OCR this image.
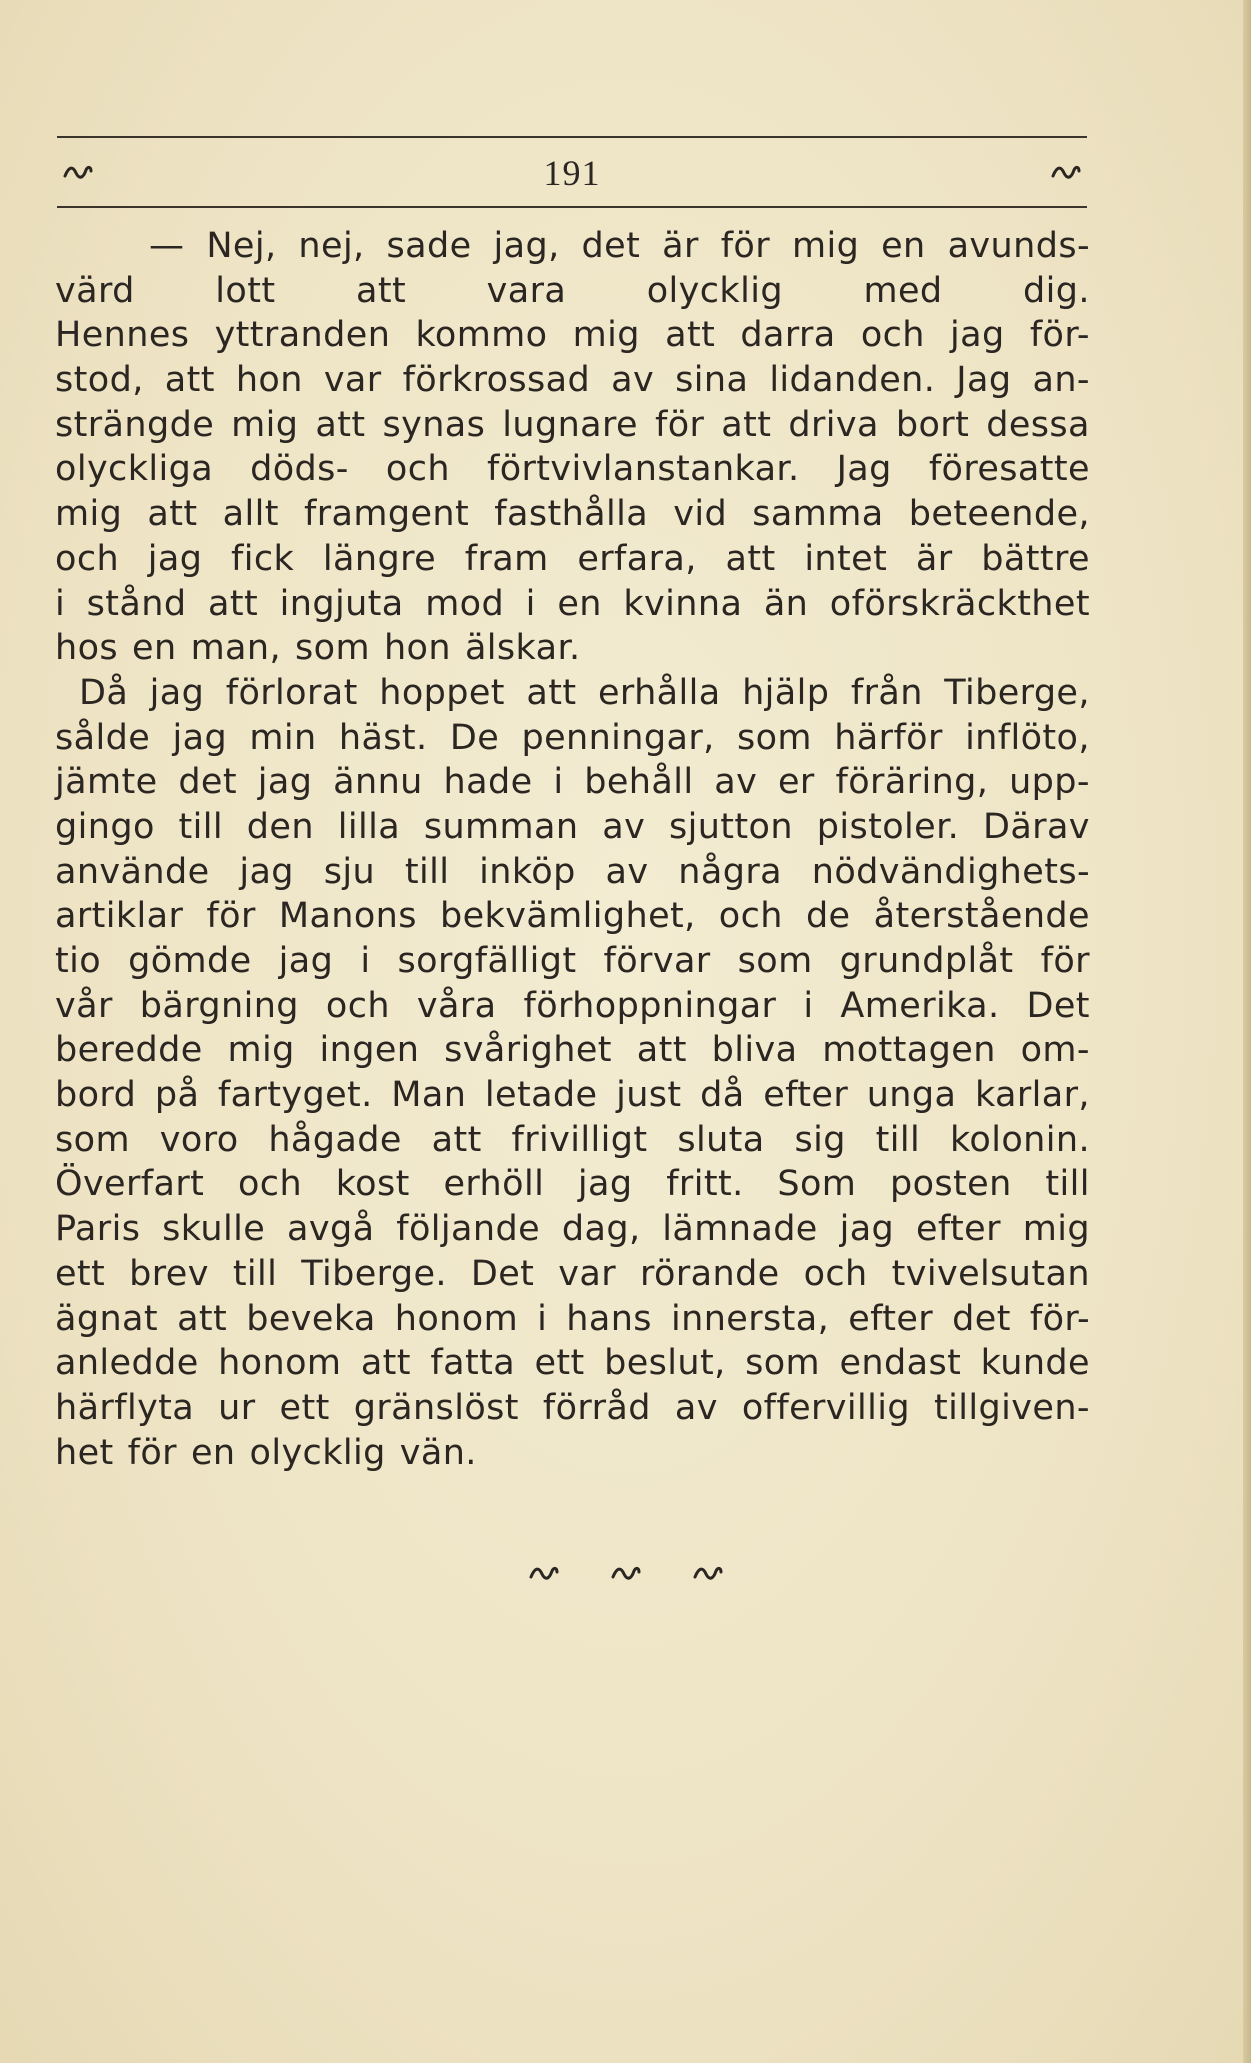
191
— Nej, nej, sade jag, det är för mig en avunds-
värd lott att vara olycklig med dig.
Hennes yttranden kommo mig att darra och jag för-
stod, att hon var förkrossad av sina lidanden. Jag an-
strängde mig att synas lugnare för att driva bort dessa
olyckliga döds- och förtvivlanstankar. Jag föresatte
mig att allt framgent fasthålla vid samma beteende,
och jag fick längre fram erfara, att intet är bättre
i stånd att ingjuta mod i en kvinna än oförskräckthet
hos en man, som hon älskar.
Då jag förlorat hoppet att erhålla hjälp från Tiberge,
sålde jag min häst. De penningar, som härför inflöto,
jämte det jag ännu hade i behåll av er föräring, upp-
gingo till den lilla summan av sjutton pistoler. Därav
använde jag sju till inköp av några nödvändighets-
artiklar för Manons bekvämlighet, och de återstående
tio gömde jag i sorgfälligt förvar som grundplåt för
vår bärgning och våra förhoppningar i Amerika. Det
beredde mig ingen svårighet att bliva mottagen om-
bord på fartyget. Man letade just då efter unga karlar,
som voro hågade att frivilligt sluta sig till kolonin.
Överfart och kost erhöll jag fritt. Som posten till
Paris skulle avgå följande dag, lämnade jag efter mig
ett brev till Tiberge. Det var rörande och tvivelsutan
ägnat att beveka honom i hans innersta, efter det för-
anledde honom att fatta ett beslut, som endast kunde
härflyta ur ett gränslöst förråd av offervillig tillgiven-
het för en olycklig vän.
